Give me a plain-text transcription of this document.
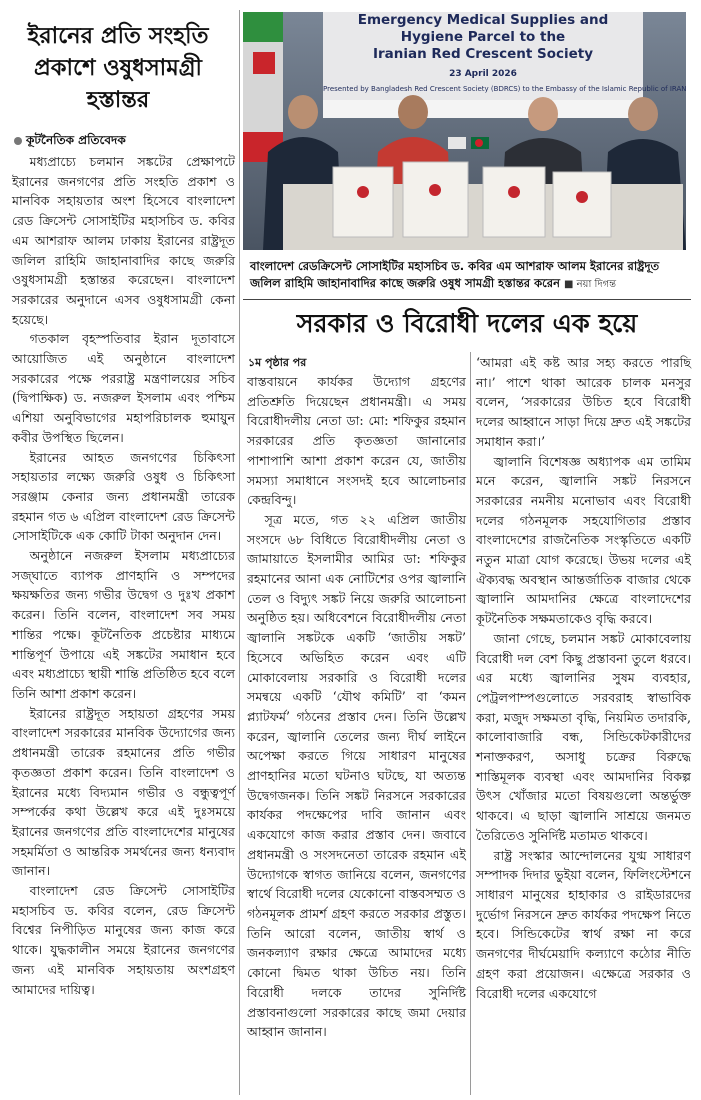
ইরানের প্রতি সংহতি
প্রকাশে ওষুধসামগ্রী
হস্তান্তর
কূটনৈতিক প্রতিবেদক

মধ্যপ্রাচ্যে চলমান সঙ্কটের প্রেক্ষাপটে ইরানের জনগণের প্রতি সংহতি প্রকাশ ও মানবিক সহায়তার অংশ হিসেবে বাংলাদেশ রেড ক্রিসেন্ট সোসাইটির মহাসচিব ড. কবির এম আশরাফ আলম ঢাকায় ইরানের রাষ্ট্রদূত জলিল রাহিমি জাহানাবাদির কাছে জরুরি ওষুধসামগ্রী হস্তান্তর করেছেন। বাংলাদেশ সরকারের অনুদানে এসব ওষুধসামগ্রী কেনা হয়েছে।

গতকাল বৃহস্পতিবার ইরান দূতাবাসে আয়োজিত এই অনুষ্ঠানে বাংলাদেশ সরকারের পক্ষে পররাষ্ট্র মন্ত্রণালয়ের সচিব (দ্বিপাক্ষিক) ড. নজরুল ইসলাম এবং পশ্চিম এশিয়া অনুবিভাগের মহাপরিচালক হুমায়ুন কবীর উপস্থিত ছিলেন।

ইরানের আহত জনগণের চিকিৎসা সহায়তার লক্ষ্যে জরুরি ওষুধ ও চিকিৎসা সরঞ্জাম কেনার জন্য প্রধানমন্ত্রী তারেক রহমান গত ৬ এপ্রিল বাংলাদেশ রেড ক্রিসেন্ট সোসাইটিকে এক কোটি টাকা অনুদান দেন।

অনুষ্ঠানে নজরুল ইসলাম মধ্যপ্রাচ্যের সজ্ঘাতে ব্যাপক প্রাণহানি ও সম্পদের ক্ষয়ক্ষতির জন্য গভীর উদ্বেগ ও দুঃখ প্রকাশ করেন। তিনি বলেন, বাংলাদেশ সব সময় শান্তির পক্ষে। কূটনৈতিক প্রচেষ্টার মাধ্যমে শান্তিপূর্ণ উপায়ে এই সঙ্কটের সমাধান হবে এবং মধ্যপ্রাচ্যে স্থায়ী শান্তি প্রতিষ্ঠিত হবে বলে তিনি আশা প্রকাশ করেন।

ইরানের রাষ্ট্রদূত সহায়তা গ্রহণের সময় বাংলাদেশ সরকারের মানবিক উদ্যোগের জন্য প্রধানমন্ত্রী তারেক রহমানের প্রতি গভীর কৃতজ্ঞতা প্রকাশ করেন। তিনি বাংলাদেশ ও ইরানের মধ্যে বিদ্যমান গভীর ও বন্ধুত্বপূর্ণ সম্পর্কের কথা উল্লেখ করে এই দুঃসময়ে ইরানের জনগণের প্রতি বাংলাদেশের মানুষের সহমর্মিতা ও আন্তরিক সমর্থনের জন্য ধন্যবাদ জানান।

বাংলাদেশ রেড ক্রিসেন্ট সোসাইটির মহাসচিব ড. কবির বলেন, রেড ক্রিসেন্ট বিশ্বের নিপীড়িত মানুষের জন্য কাজ করে থাকে। যুদ্ধকালীন সময়ে ইরানের জনগণের জন্য এই মানবিক সহায়তায় অংশগ্রহণ আমাদের দায়িত্ব।

Emergency Medical Supplies and
Hygiene Parcel to the
Iranian Red Crescent Society
23 April 2026
Presented by Bangladesh Red Crescent Society (BDRCS) to the Embassy of the Islamic Republic of IRAN
বাংলাদেশ রেডক্রিসেন্ট সোসাইটির মহাসচিব ড. কবির এম আশরাফ আলম ইরানের রাষ্ট্রদূত জলিল রাহিমি জাহানাবাদির কাছে জরুরি ওষুধ সামগ্রী হস্তান্তর করেন ■ নয়া দিগন্ত
সরকার ও বিরোধী দলের এক হয়ে
১ম পৃষ্ঠার পর

বাস্তবায়নে কার্যকর উদ্যোগ গ্রহণের প্রতিশ্রুতি দিয়েছেন প্রধানমন্ত্রী। এ সময় বিরোধীদলীয় নেতা ডা: মো: শফিকুর রহমান সরকারের প্রতি কৃতজ্ঞতা জানানোর পাশাপাশি আশা প্রকাশ করেন যে, জাতীয় সমস্যা সমাধানে সংসদই হবে আলোচনার কেন্দ্রবিন্দু।

সূত্র মতে, গত ২২ এপ্রিল জাতীয় সংসদে ৬৮ বিধিতে বিরোধীদলীয় নেতা ও জামায়াতে ইসলামীর আমির ডা: শফিকুর রহমানের আনা এক নোটিশের ওপর জ্বালানি তেল ও বিদ্যুৎ সঙ্কট নিয়ে জরুরি আলোচনা অনুষ্ঠিত হয়। অধিবেশনে বিরোধীদলীয় নেতা জ্বালানি সঙ্কটকে একটি ‘জাতীয় সঙ্কট’ হিসেবে অভিহিত করেন এবং এটি মোকাবেলায় সরকারি ও বিরোধী দলের সমন্বয়ে একটি ‘যৌথ কমিটি’ বা ‘কমন প্ল্যাটফর্ম’ গঠনের প্রস্তাব দেন। তিনি উল্লেখ করেন, জ্বালানি তেলের জন্য দীর্ঘ লাইনে অপেক্ষা করতে গিয়ে সাধারণ মানুষের প্রাণহানির মতো ঘটনাও ঘটছে, যা অত্যন্ত উদ্বেগজনক। তিনি সঙ্কট নিরসনে সরকারের কার্যকর পদক্ষেপের দাবি জানান এবং একযোগে কাজ করার প্রস্তাব দেন। জবাবে প্রধানমন্ত্রী ও সংসদনেতা তারেক রহমান এই উদ্যোগকে স্বাগত জানিয়ে বলেন, জনগণের স্বার্থে বিরোধী দলের যেকোনো বাস্তবসম্মত ও গঠনমূলক প্রামর্শ গ্রহণ করতে সরকার প্রস্তুত। তিনি আরো বলেন, জাতীয় স্বার্থ ও জনকল্যাণ রক্ষার ক্ষেত্রে আমাদের মধ্যে কোনো দ্বিমত থাকা উচিত নয়। তিনি বিরোধী দলকে তাদের সুনির্দিষ্ট প্রস্তাবনাগুলো সরকারের কাছে জমা দেয়ার আহ্বান জানান।

‘আমরা এই কষ্ট আর সহ্য করতে পারছি না।’ পাশে থাকা আরেক চালক মনসুর বলেন, ‘সরকারের উচিত হবে বিরোধী দলের আহ্বানে সাড়া দিয়ে দ্রুত এই সঙ্কটের সমাধান করা।’

জ্বালানি বিশেষজ্ঞ অধ্যাপক এম তামিম মনে করেন, জ্বালানি সঙ্কট নিরসনে সরকারের নমনীয় মনোভাব এবং বিরোধী দলের গঠনমূলক সহযোগিতার প্রস্তাব বাংলাদেশের রাজনৈতিক সংস্কৃতিতে একটি নতুন মাত্রা যোগ করেছে। উভয় দলের এই ঐক্যবদ্ধ অবস্থান আন্তর্জাতিক বাজার থেকে জ্বালানি আমদানির ক্ষেত্রে বাংলাদেশের কূটনৈতিক সক্ষমতাকেও বৃদ্ধি করবে।

জানা গেছে, চলমান সঙ্কট মোকাবেলায় বিরোধী দল বেশ কিছু প্রস্তাবনা তুলে ধরবে। এর মধ্যে জ্বালানির সুষম ব্যবহার, পেট্রলপাম্পগুলোতে সরবরাহ স্বাভাবিক করা, মজুদ সক্ষমতা বৃদ্ধি, নিয়মিত তদারকি, কালোবাজারি বন্ধ, সিন্ডিকেটকারীদের শনাক্তকরণ, অসাধু চক্রের বিরুদ্ধে শাস্তিমূলক ব্যবস্থা এবং আমদানির বিকল্প উৎস খোঁজার মতো বিষয়গুলো অন্তর্ভুক্ত থাকবে। এ ছাড়া জ্বালানি সাশ্রয়ে জনমত তৈরিতেও সুনির্দিষ্ট মতামত থাকবে।

রাষ্ট্র সংস্কার আন্দোলনের যুগ্ম সাধারণ সম্পাদক দিদার ভুইয়া বলেন, ফিলিংস্টেশনে সাধারণ মানুষের হাহাকার ও রাইডারদের দুর্ভোগ নিরসনে দ্রুত কার্যকর পদক্ষেপ নিতে হবে। সিন্ডিকেটের স্বার্থ রক্ষা না করে জনগণের দীর্ঘমেয়াদি কল্যাণে কঠোর নীতি গ্রহণ করা প্রয়োজন। এক্ষেত্রে সরকার ও বিরোধী দলের একযোগে
